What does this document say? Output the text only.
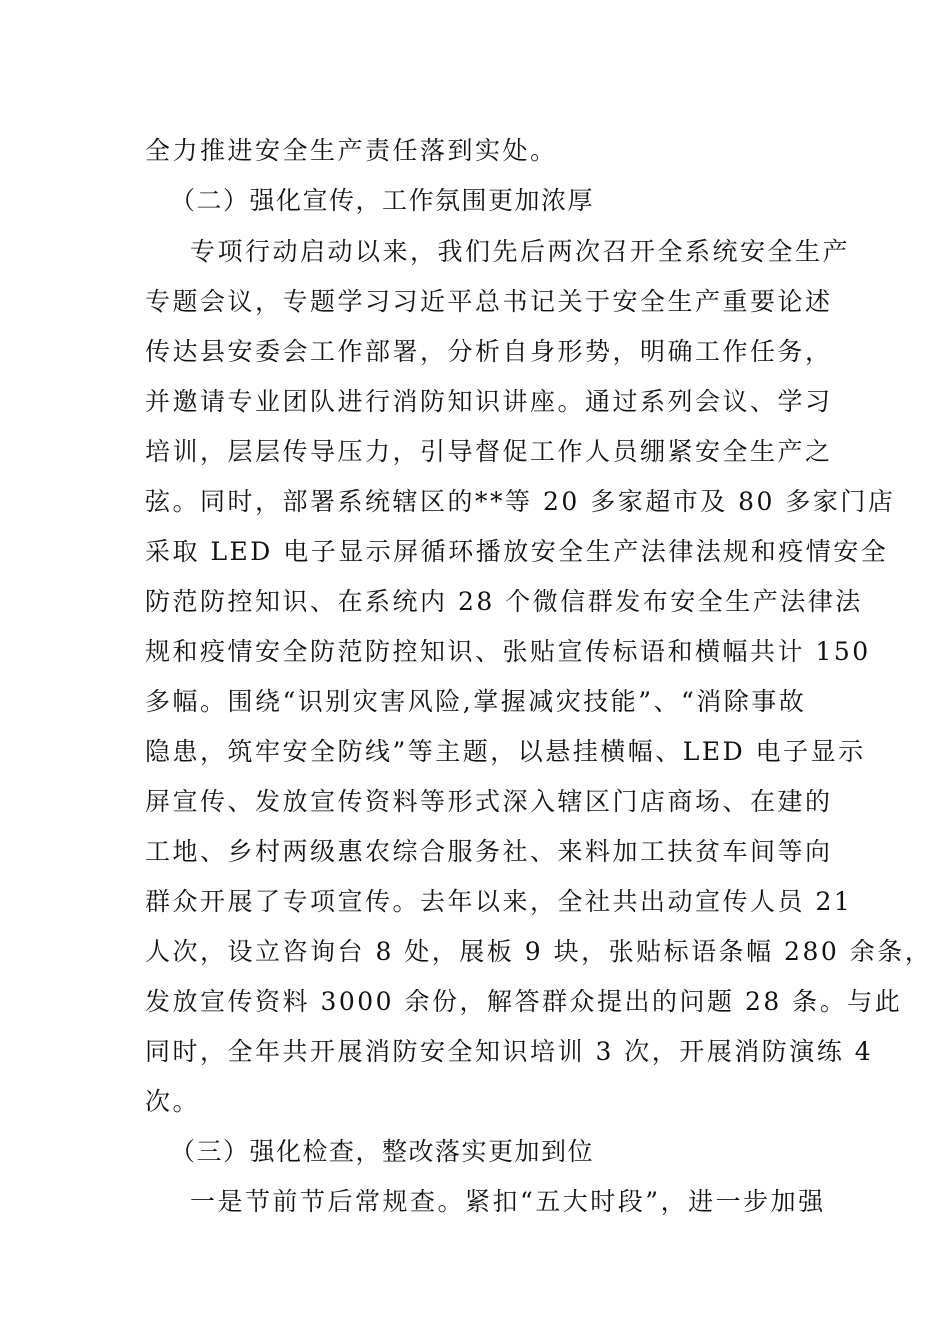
全力推进安全生产责任落到实处。
（二）强化宣传，工作氛围更加浓厚
专项行动启动以来，我们先后两次召开全系统安全生产
专题会议，专题学习习近平总书记关于安全生产重要论述
传达县安委会工作部署，分析自身形势，明确工作任务，
并邀请专业团队进行消防知识讲座。通过系列会议、学习
培训，层层传导压力，引导督促工作人员绷紧安全生产之
弦。同时，部署系统辖区的**等 20 多家超市及 80 多家门店
采取 LED 电子显示屏循环播放安全生产法律法规和疫情安全
防范防控知识、在系统内 28 个微信群发布安全生产法律法
规和疫情安全防范防控知识、张贴宣传标语和横幅共计 150
多幅。围绕“识别灾害风险,掌握减灾技能”、“消除事故
隐患，筑牢安全防线”等主题，以悬挂横幅、LED 电子显示
屏宣传、发放宣传资料等形式深入辖区门店商场、在建的
工地、乡村两级惠农综合服务社、来料加工扶贫车间等向
群众开展了专项宣传。去年以来，全社共出动宣传人员 21
人次，设立咨询台 8 处，展板 9 块，张贴标语条幅 280 余条，
发放宣传资料 3000 余份，解答群众提出的问题 28 条。与此
同时，全年共开展消防安全知识培训 3 次，开展消防演练 4
次。
（三）强化检查，整改落实更加到位
一是节前节后常规查。紧扣“五大时段”，进一步加强
